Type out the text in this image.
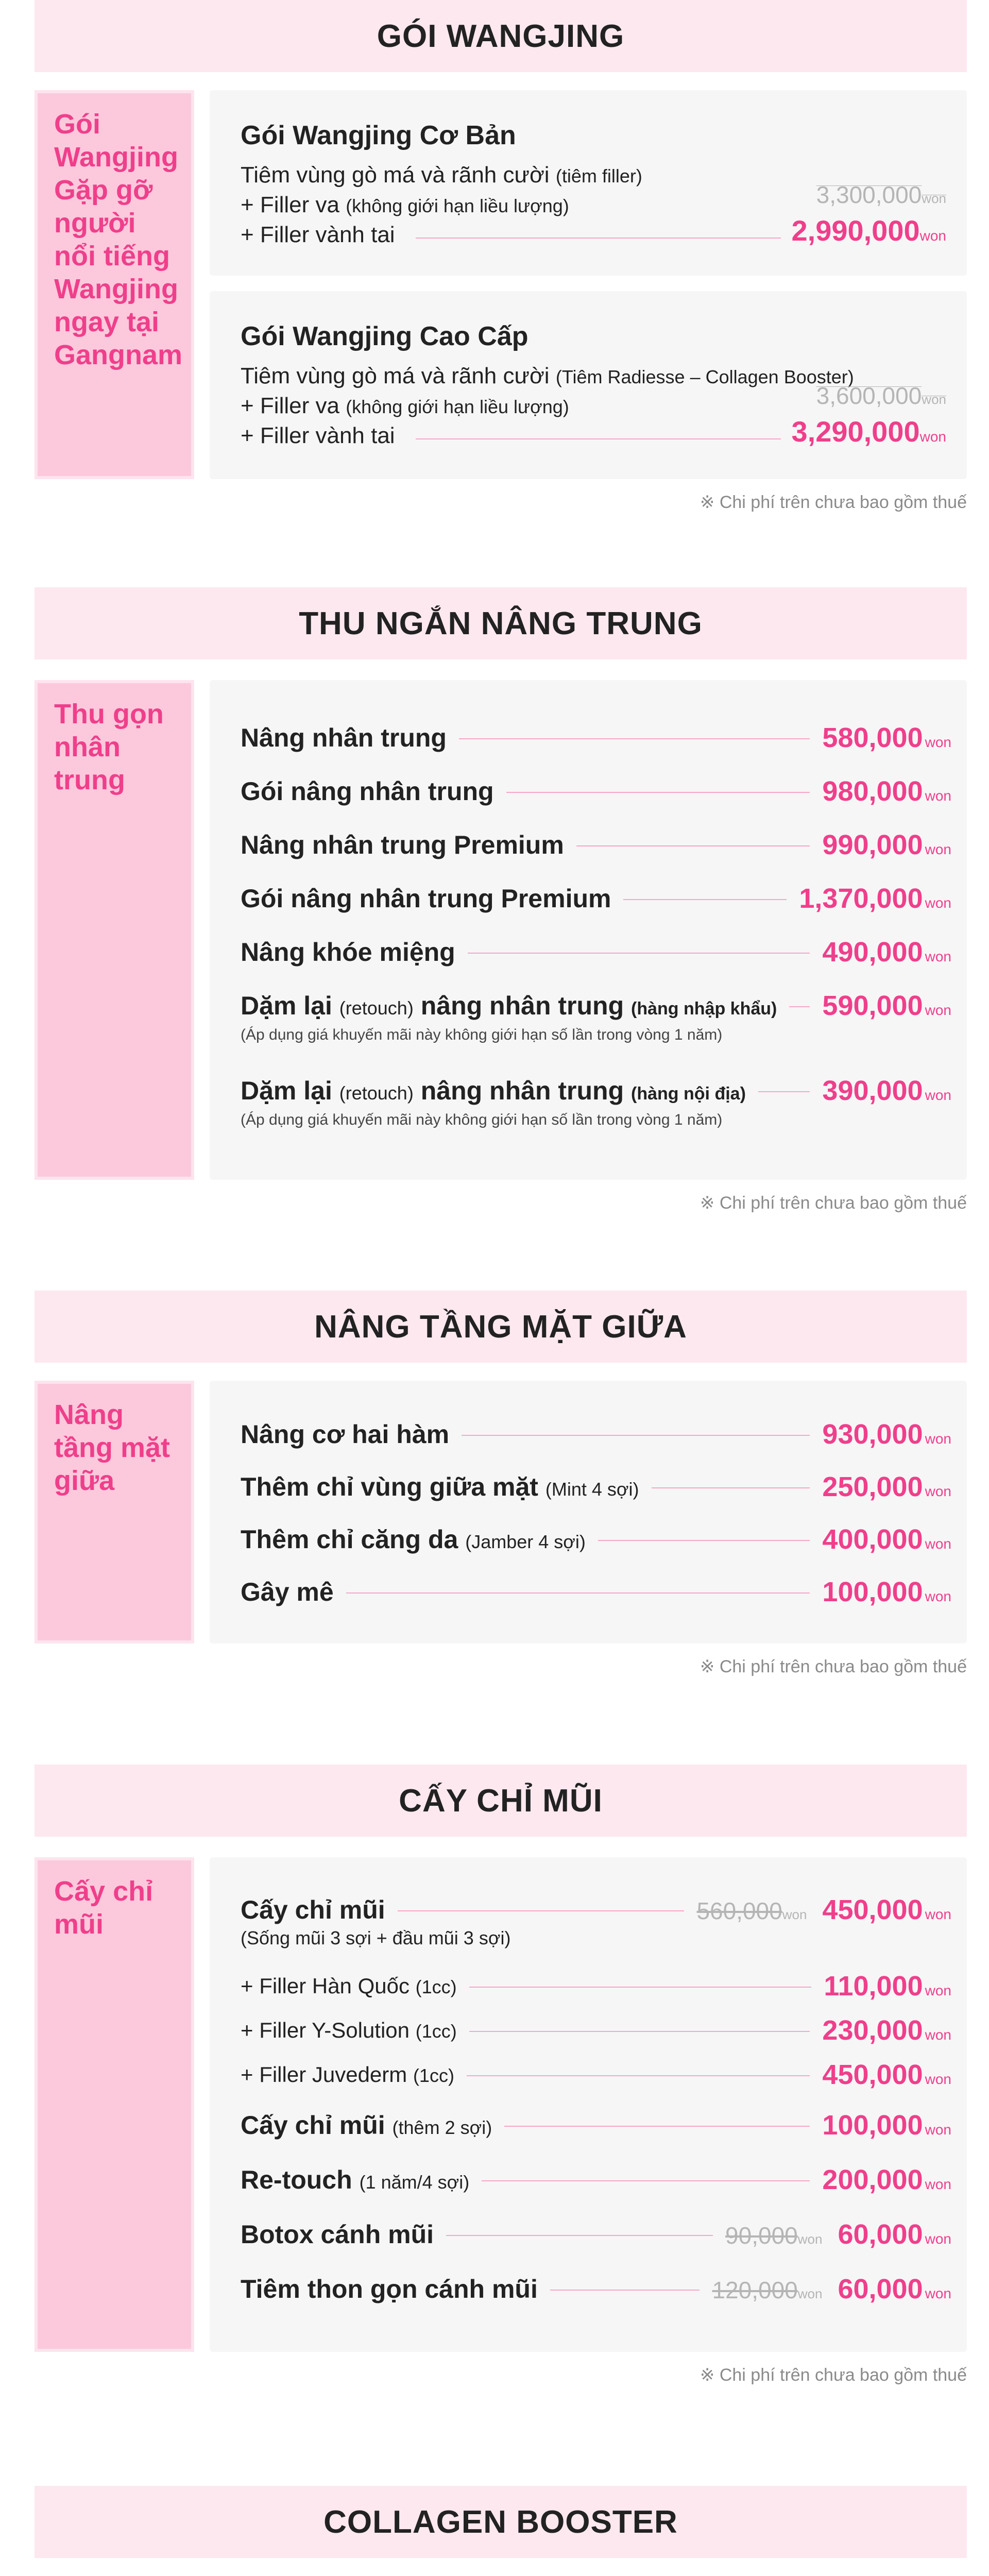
GÓI WANGJING
Gói Wangjing Gặp gỡ người nổi tiếng Wangjing ngay tại Gangnam
Gói Wangjing Cơ Bản
Tiêm vùng gò má và rãnh cười (tiêm filler)
+ Filler va (không giới hạn liều lượng)
+ Filler vành tai
3,300,000won
2,990,000won
Gói Wangjing Cao Cấp
Tiêm vùng gò má và rãnh cười (Tiêm Radiesse – Collagen Booster)
+ Filler va (không giới hạn liều lượng)
+ Filler vành tai
3,600,000won
3,290,000won
※ Chi phí trên chưa bao gồm thuế
THU NGẮN NÂNG TRUNG
Thu gọn nhân trung
Nâng nhân trung	580,000 won
Gói nâng nhân trung	980,000 won
Nâng nhân trung Premium	990,000 won
Gói nâng nhân trung Premium	1,370,000 won
Nâng khóe miệng	490,000 won
Dặm lại (retouch) nâng nhân trung (hàng nhập khẩu)	590,000 won
(Áp dụng giá khuyến mãi này không giới hạn số lần trong vòng 1 năm)
Dặm lại (retouch) nâng nhân trung (hàng nội địa)	390,000 won
(Áp dụng giá khuyến mãi này không giới hạn số lần trong vòng 1 năm)
※ Chi phí trên chưa bao gồm thuế
NÂNG TẦNG MẶT GIỮA
Nâng tầng mặt giữa
Nâng cơ hai hàm	930,000 won
Thêm chỉ vùng giữa mặt (Mint 4 sợi)	250,000 won
Thêm chỉ căng da (Jamber 4 sợi)	400,000 won
Gây mê	100,000 won
※ Chi phí trên chưa bao gồm thuế
CẤY CHỈ MŨI
Cấy chỉ mũi	Cấy chỉ mũi	560,000won 450,000 won
(Sống mũi 3 sợi + đầu mũi 3 sợi)
+ Filler Hàn Quốc (1cc)	110,000 won
+ Filler Y-Solution (1cc)	230,000 won
+ Filler Juvederm (1cc)	450,000 won
Cấy chỉ mũi (thêm 2 sợi)	100,000 won
Re-touch (1 năm/4 sợi)	200,000 won
Botox cánh mũi	90,000won 60,000 won
Tiêm thon gọn cánh mũi	120,000won 60,000 won
※ Chi phí trên chưa bao gồm thuế
COLLAGEN BOOSTER
